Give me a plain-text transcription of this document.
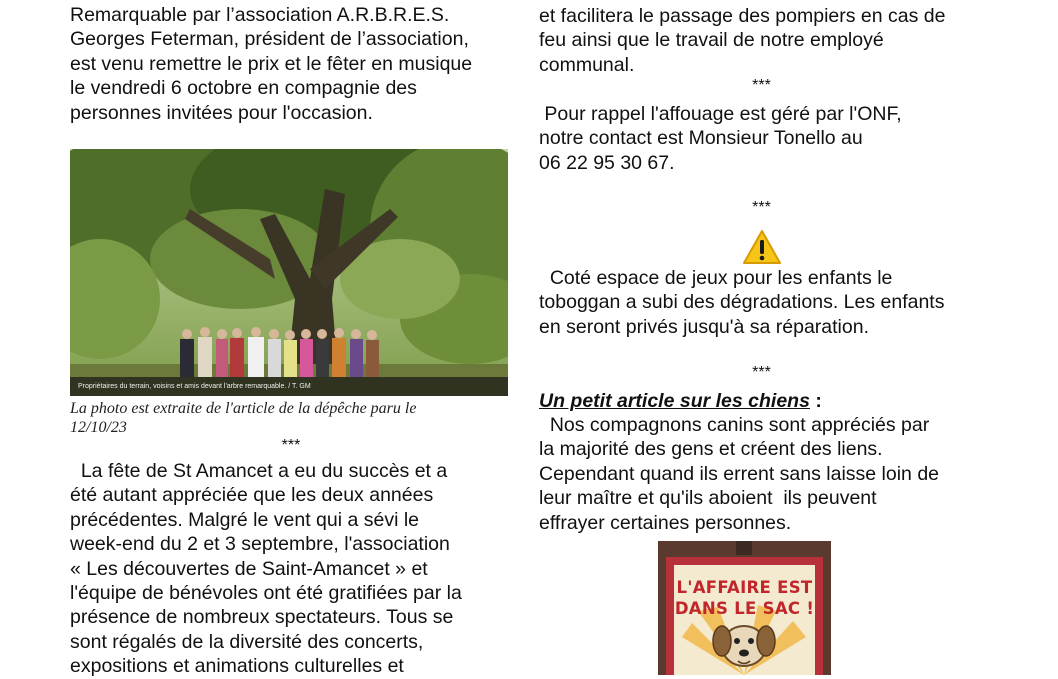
Remarquable par l’association A.R.B.R.E.S.
Georges Feterman, président de l’association,
est venu remettre le prix et le fêter en musique
le vendredi 6 octobre en compagnie des
personnes invitées pour l'occasion.
Propriétaires du terrain, voisins et amis devant l'arbre remarquable. / T. GM
La photo est extraite de l'article de la dépêche paru le
12/10/23
***
La fête de St Amancet a eu du succès et a
été autant appréciée que les deux années
précédentes. Malgré le vent qui a sévi le
week-end du 2 et 3 septembre, l'association
« Les découvertes de Saint-Amancet » et
l'équipe de bénévoles ont été gratifiées par la
présence de nombreux spectateurs. Tous se
sont régalés de la diversité des concerts,
expositions et animations culturelles et
et facilitera le passage des pompiers en cas de
feu ainsi que le travail de notre employé
communal.
***
Pour rappel l'affouage est géré par l'ONF,
notre contact est Monsieur Tonello au
06 22 95 30 67.
***
Coté espace de jeux pour les enfants le
toboggan a subi des dégradations. Les enfants
en seront privés jusqu'à sa réparation.
***
Un petit article sur les chiens :
Nos compagnons canins sont appréciés par
la majorité des gens et créent des liens.
Cependant quand ils errent sans laisse loin de
leur maître et qu'ils aboient  ils peuvent
effrayer certaines personnes.
L'AFFAIRE EST
DANS LE SAC !
